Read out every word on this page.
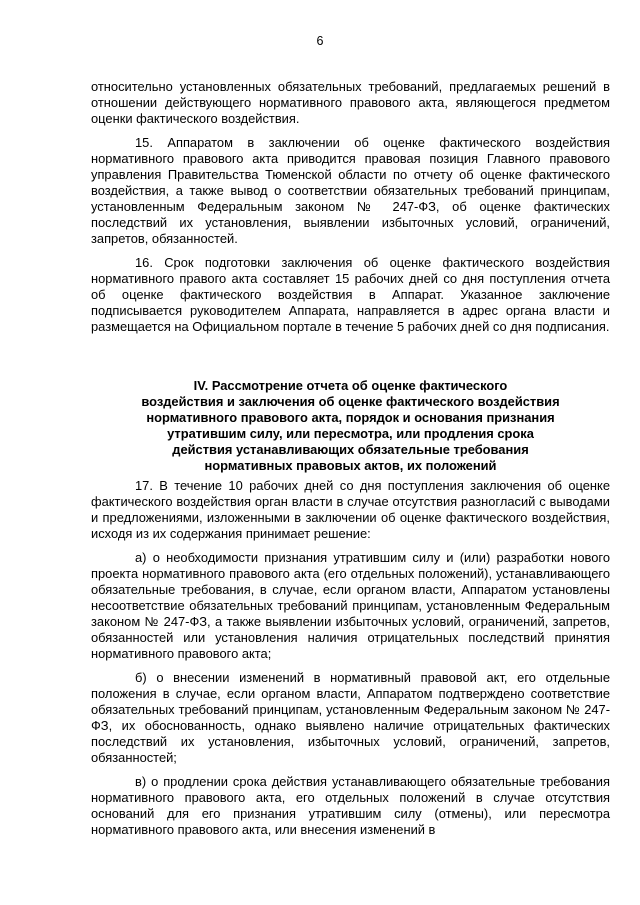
6

относительно установленных обязательных требований, предлагаемых решений в отношении действующего нормативного правового акта, являющегося предметом оценки фактического воздействия.

15. Аппаратом в заключении об оценке фактического воздействия нормативного правового акта приводится правовая позиция Главного правового управления Правительства Тюменской области по отчету об оценке фактического воздействия, а также вывод о соответствии обязательных требований принципам, установленным Федеральным законом № 247-ФЗ, об оценке фактических последствий их установления, выявлении избыточных условий, ограничений, запретов, обязанностей.

16. Срок подготовки заключения об оценке фактического воздействия нормативного правого акта составляет 15 рабочих дней со дня поступления отчета об оценке фактического воздействия в Аппарат. Указанное заключение подписывается руководителем Аппарата, направляется в адрес органа власти и размещается на Официальном портале в течение 5 рабочих дней со дня подписания.

IV. Рассмотрение отчета об оценке фактического
воздействия и заключения об оценке фактического воздействия
нормативного правового акта, порядок и основания признания
утратившим силу, или пересмотра, или продления срока
действия устанавливающих обязательные требования
нормативных правовых актов, их положений

17. В течение 10 рабочих дней со дня поступления заключения об оценке фактического воздействия орган власти в случае отсутствия разногласий с выводами и предложениями, изложенными в заключении об оценке фактического воздействия, исходя из их содержания принимает решение:

а) о необходимости признания утратившим силу и (или) разработки нового проекта нормативного правового акта (его отдельных положений), устанавливающего обязательные требования, в случае, если органом власти, Аппаратом установлены несоответствие обязательных требований принципам, установленным Федеральным законом № 247-ФЗ, а также выявлении избыточных условий, ограничений, запретов, обязанностей или установления наличия отрицательных последствий принятия нормативного правового акта;

б) о внесении изменений в нормативный правовой акт, его отдельные положения в случае, если органом власти, Аппаратом подтверждено соответствие обязательных требований принципам, установленным Федеральным законом № 247-ФЗ, их обоснованность, однако выявлено наличие отрицательных фактических последствий их установления, избыточных условий, ограничений, запретов, обязанностей;

в) о продлении срока действия устанавливающего обязательные требования нормативного правового акта, его отдельных положений в случае отсутствия оснований для его признания утратившим силу (отмены), или пересмотра нормативного правового акта, или внесения изменений в
